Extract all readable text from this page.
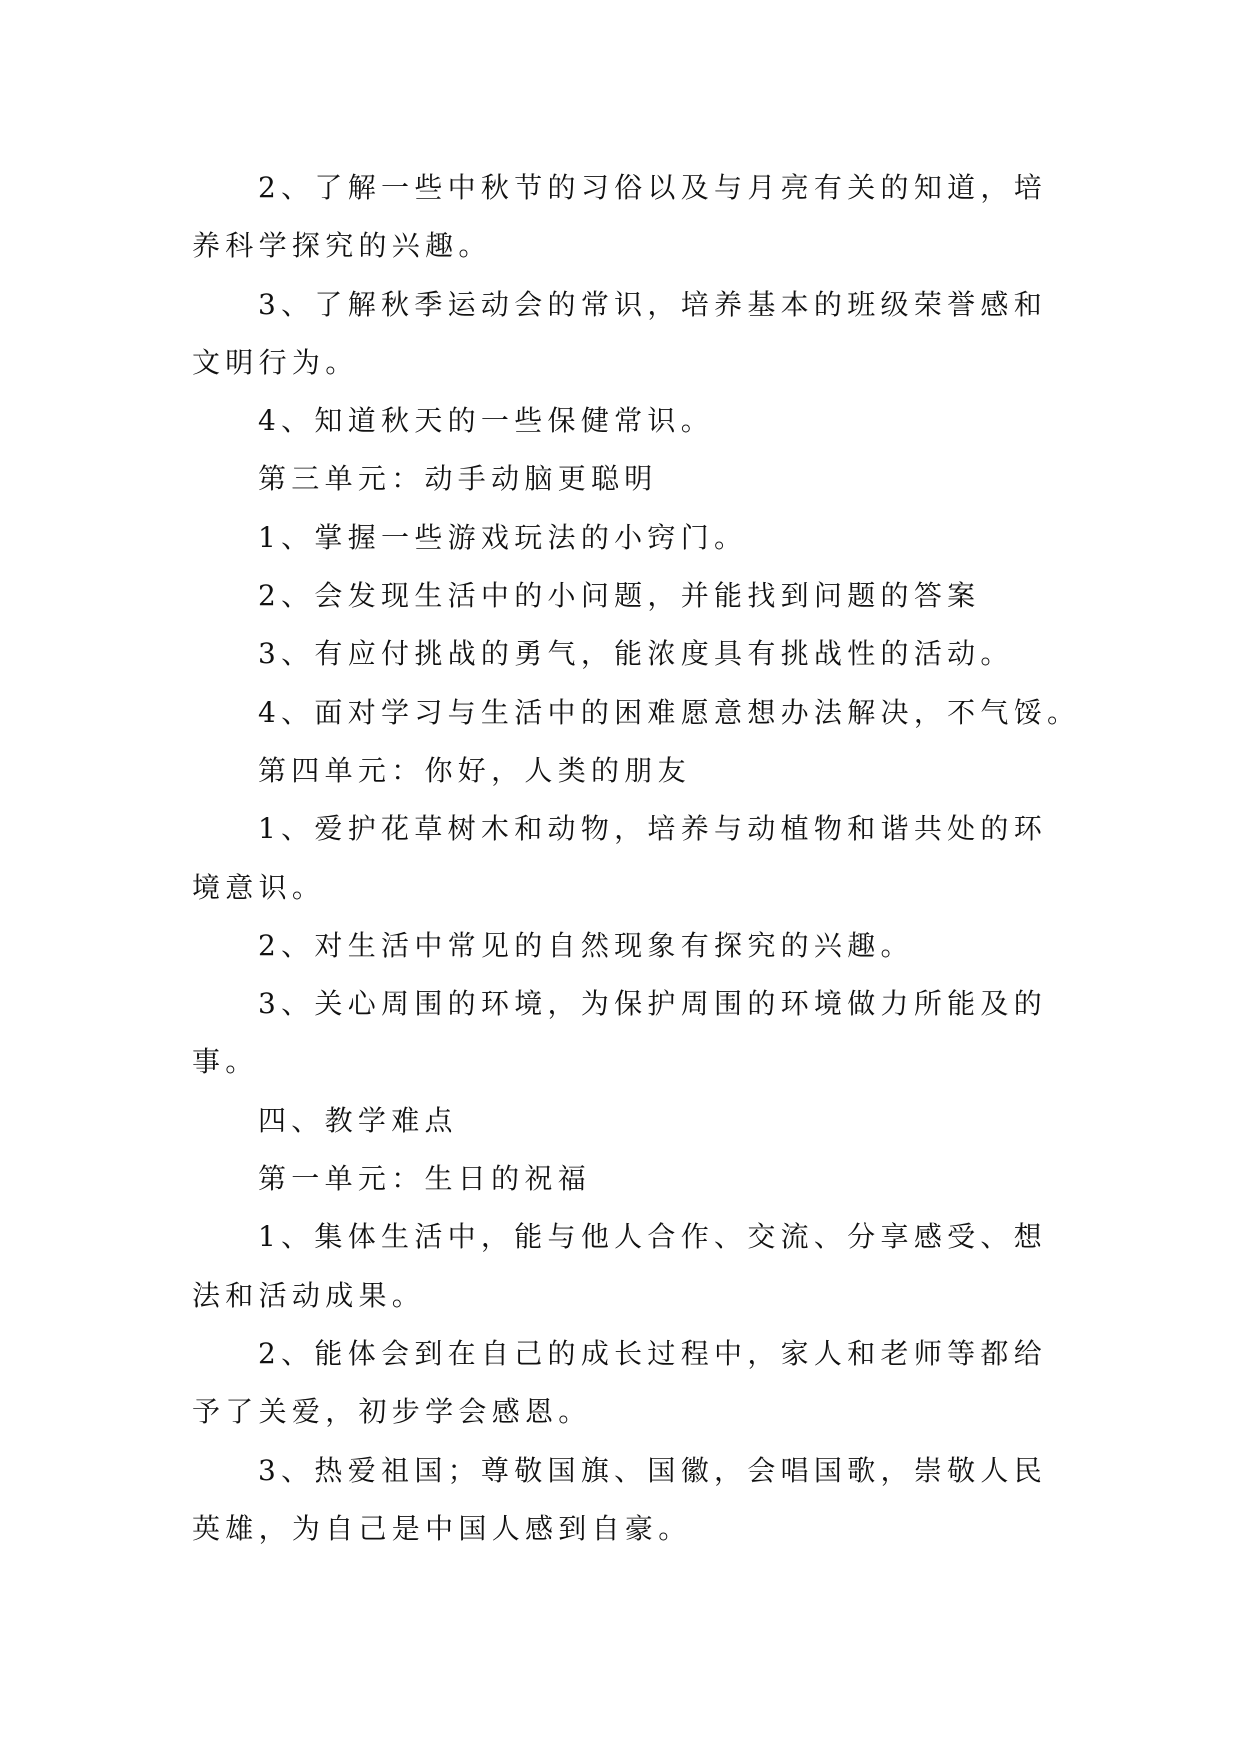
2、了解一些中秋节的习俗以及与月亮有关的知道，培
养科学探究的兴趣。
3、了解秋季运动会的常识，培养基本的班级荣誉感和
文明行为。
4、知道秋天的一些保健常识。
第三单元：动手动脑更聪明
1、掌握一些游戏玩法的小窍门。
2、会发现生活中的小问题，并能找到问题的答案
3、有应付挑战的勇气，能浓度具有挑战性的活动。
4、面对学习与生活中的困难愿意想办法解决，不气馁。
第四单元：你好，人类的朋友
1、爱护花草树木和动物，培养与动植物和谐共处的环
境意识。
2、对生活中常见的自然现象有探究的兴趣。
3、关心周围的环境，为保护周围的环境做力所能及的
事。
四、教学难点
第一单元：生日的祝福
1、集体生活中，能与他人合作、交流、分享感受、想
法和活动成果。
2、能体会到在自己的成长过程中，家人和老师等都给
予了关爱，初步学会感恩。
3、热爱祖国；尊敬国旗、国徽，会唱国歌，崇敬人民
英雄，为自己是中国人感到自豪。
